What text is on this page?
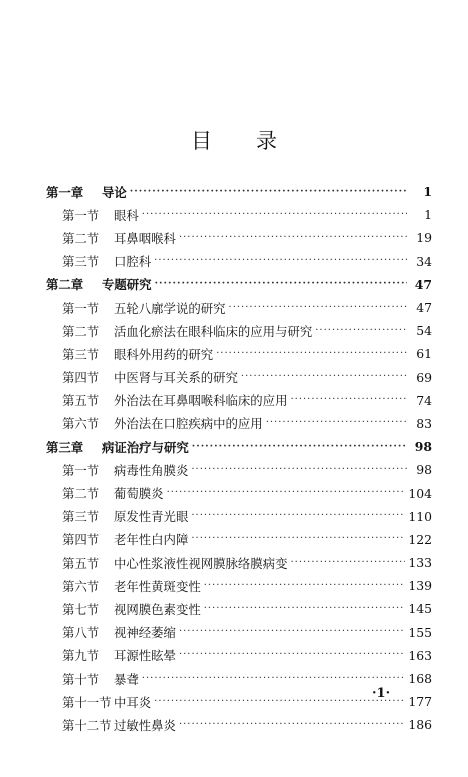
目 录
第一章	导论 ·····	1
第一节	眼科 ·····	1
第二节	耳鼻咽喉科 ·····	19
第三节	口腔科 ·····	34
第二章	专题研究 ·····	47
第一节	五轮八廓学说的研究 ·····	47
第二节	活血化瘀法在眼科临床的应用与研究 ·····	54
第三节	眼科外用药的研究 ·····	61
第四节	中医肾与耳关系的研究 ·····	69
第五节	外治法在耳鼻咽喉科临床的应用 ·····	74
第六节	外治法在口腔疾病中的应用 ·····	83
第三章	病证治疗与研究 ·····	98
第一节	病毒性角膜炎 ·····	98
第二节	葡萄膜炎 ·····	104
第三节	原发性青光眼 ·····	110
第四节	老年性白内障 ·····	122
第五节	中心性浆液性视网膜脉络膜病变 ·····	133
第六节	老年性黄斑变性 ·····	139
第七节	视网膜色素变性 ·····	145
第八节	视神经萎缩 ·····	155
第九节	耳源性眩晕 ·····	163
第十节	暴聋 ·····	168
第十一节 中耳炎 ·····	177
第十二节 过敏性鼻炎 ·····	186
·1·
